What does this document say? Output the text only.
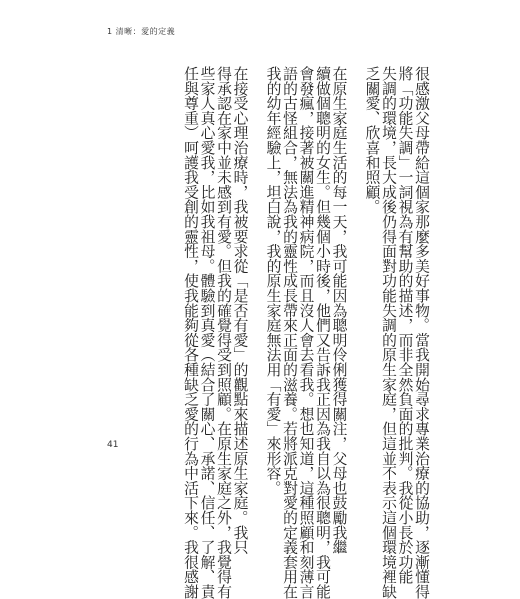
1 清晰：愛的定義
很感激父母帶給這個家那麼多美好事物。當我開始尋求專業治療的協助，逐漸懂得
將「功能失調」一詞視為有幫助的描述，而非全然負面的批判。我從小長於功能
失調的環境，長大成後仍得面對功能失調的原生家庭，但這並不表示這個環境裡缺
乏關愛、欣喜和照顧。
在原生家庭生活的每一天，我可能因為聰明伶俐獲得關注，父母也鼓勵我繼
續做個聰明的女生。但幾個小時後，他們又告訴我正因為我自以為很聰明，我可能
會發瘋，接著被關進精神病院，而且沒人會去看我。想也知道，這種照顧和刻薄言
語的古怪組合，無法為我的靈性成長帶來正面的滋養。若將派克對愛的定義套用在
我的幼年經驗上，坦白說，我的原生家庭無法用「有愛」來形容。
在接受心理治療時，我被要求從「是否有愛」的觀點來描述原生家庭。我只
得承認在家中並未感到有愛。但我的確覺得受到照顧。在原生家庭之外，我覺得有
些家人真心愛我，比如我祖母。體驗到真愛（結合了關心、承諾、信任、了解、責
任與尊重）呵護我受創的靈性，使我能夠從各種缺乏愛的行為中活下來。我很感謝
41
